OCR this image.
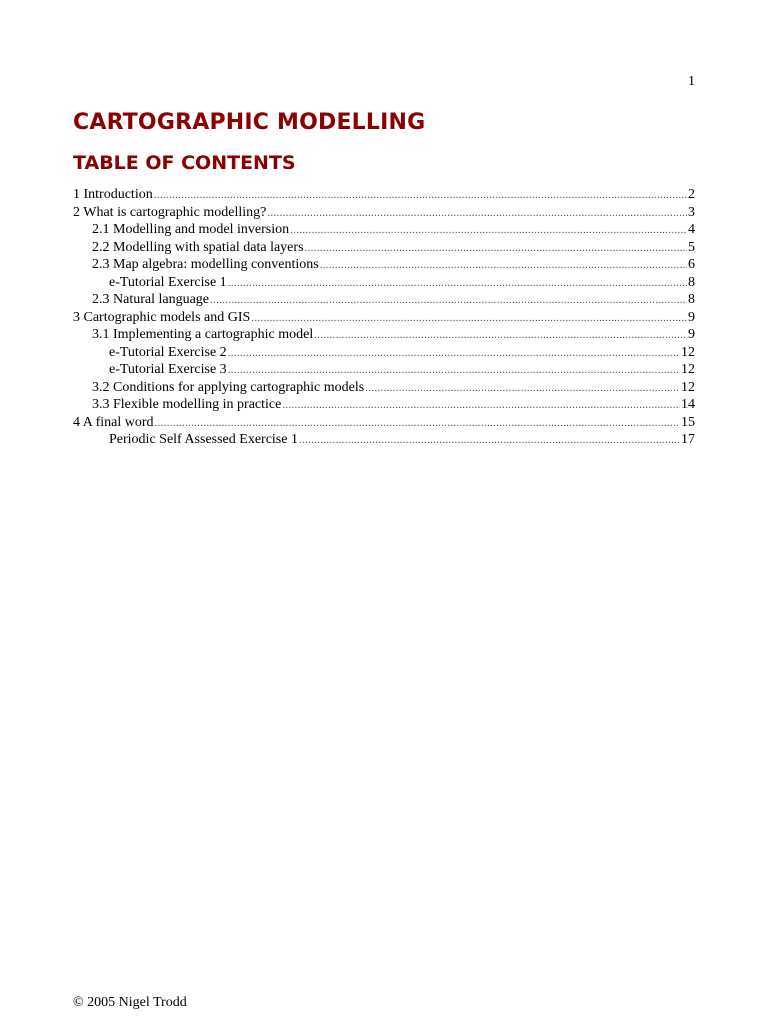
1
CARTOGRAPHIC MODELLING
TABLE OF CONTENTS
1 Introduction .....	2
2 What is cartographic modelling? .....	3
2.1 Modelling and model inversion .....	4
2.2 Modelling with spatial data layers .....	5
2.3 Map algebra: modelling conventions .....	6
e-Tutorial Exercise 1 .....	8
2.3 Natural language .....	8
3 Cartographic models and GIS .....	9
3.1 Implementing a cartographic model .....	9
e-Tutorial Exercise 2 .....	12
e-Tutorial Exercise 3 .....	12
3.2 Conditions for applying cartographic models .....	12
3.3 Flexible modelling in practice .....	14
4 A final word .....	15
Periodic Self Assessed Exercise 1 .....	17
© 2005 Nigel Trodd
